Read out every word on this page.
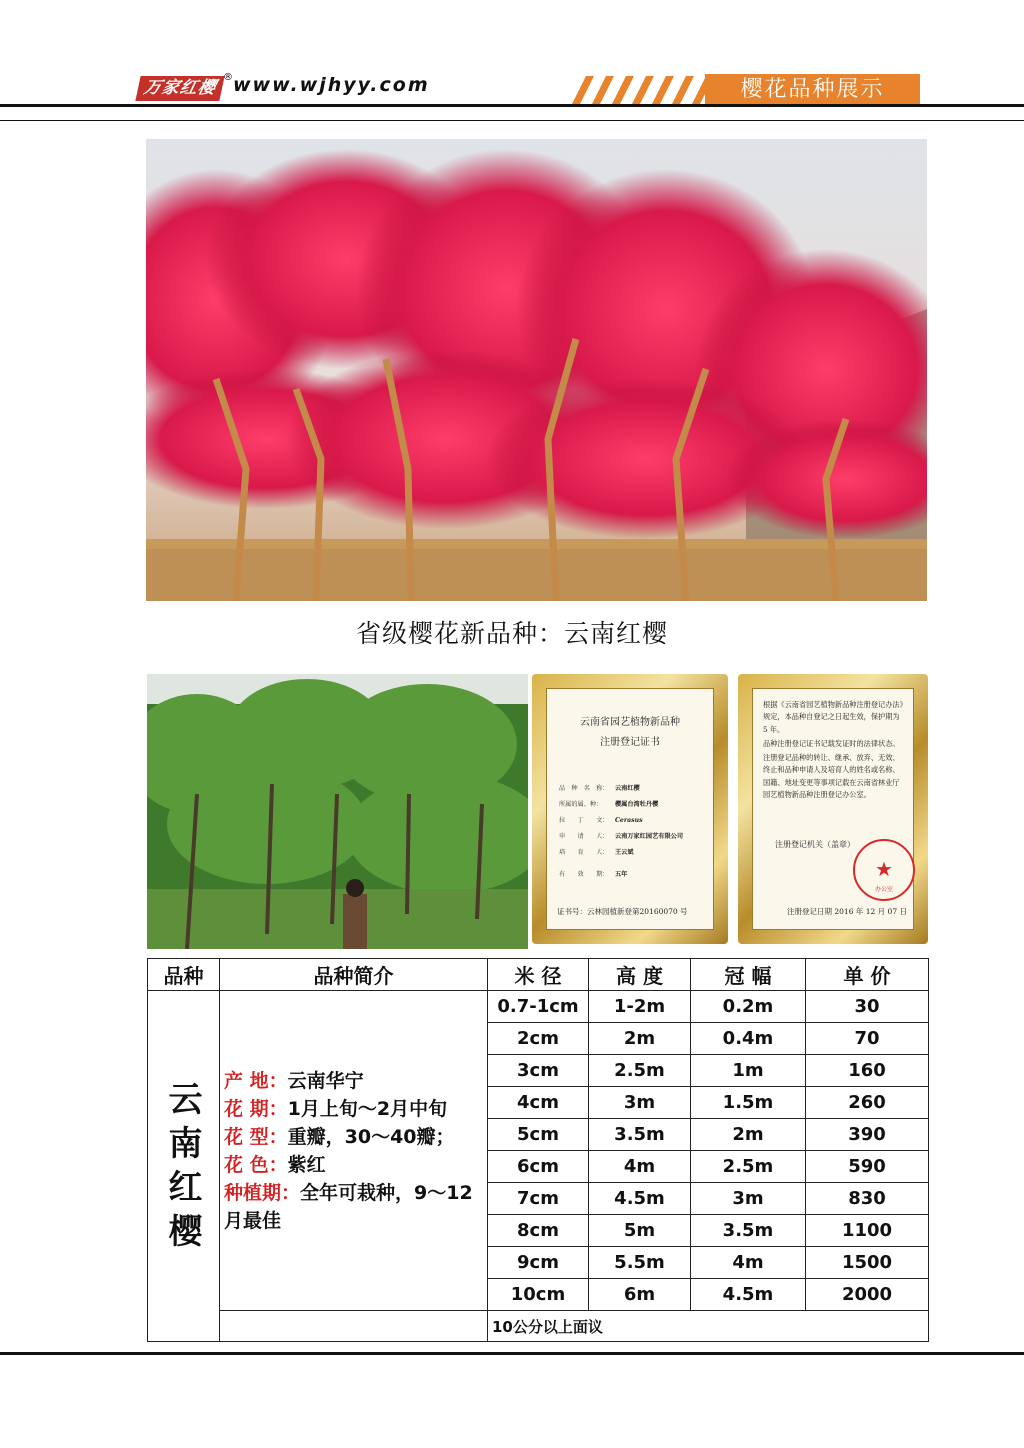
万家红樱
® www.wjhyy.com	樱花品种展示
省级樱花新品种：云南红樱
云南省园艺植物新品种
注册登记证书
品　种　名　称： 云南红樱
所属的属、种： 樱属台湾牡丹樱
拉　　丁　　文： Cerasus
申　　请　　人： 云南万家红园艺有限公司
培　　育　　人： 王云斌
有　　效　　期： 五年
证书号：云林园植新登第20160070 号

根据《云南省园艺植物新品种注册登记办法》规定，本品种自登记之日起生效，保护期为 5 年。

品种注册登记证书记载发证时的法律状态。

注册登记品种的转让、继承、放弃、无效、终止和品种申请人及培育人的姓名或名称、国籍、地址变更等事项记载在云南省林业厅园艺植物新品种注册登记办公室。

注册登记机关（盖章）
★
办公室
注册登记日期 2016 年 12 月 07 日
品种	品种简介	米 径	高 度	冠 幅	单 价

云南红樱	产 地：云南华宁
花 期：1月上旬～2月中旬
花 型：重瓣，30～40瓣；
花 色：紫红
种植期：全年可栽种，9～12月最佳	0.7-1cm	1-2m	0.2m	30
		2cm	2m	0.4m	70
		3cm	2.5m	1m	160
		4cm	3m	1.5m	260
		5cm	3.5m	2m	390
		6cm	4m	2.5m	590
		7cm	4.5m	3m	830
		8cm	5m	3.5m	1100
		9cm	5.5m	4m	1500
		10cm	6m	4.5m	2000
		10公分以上面议			
